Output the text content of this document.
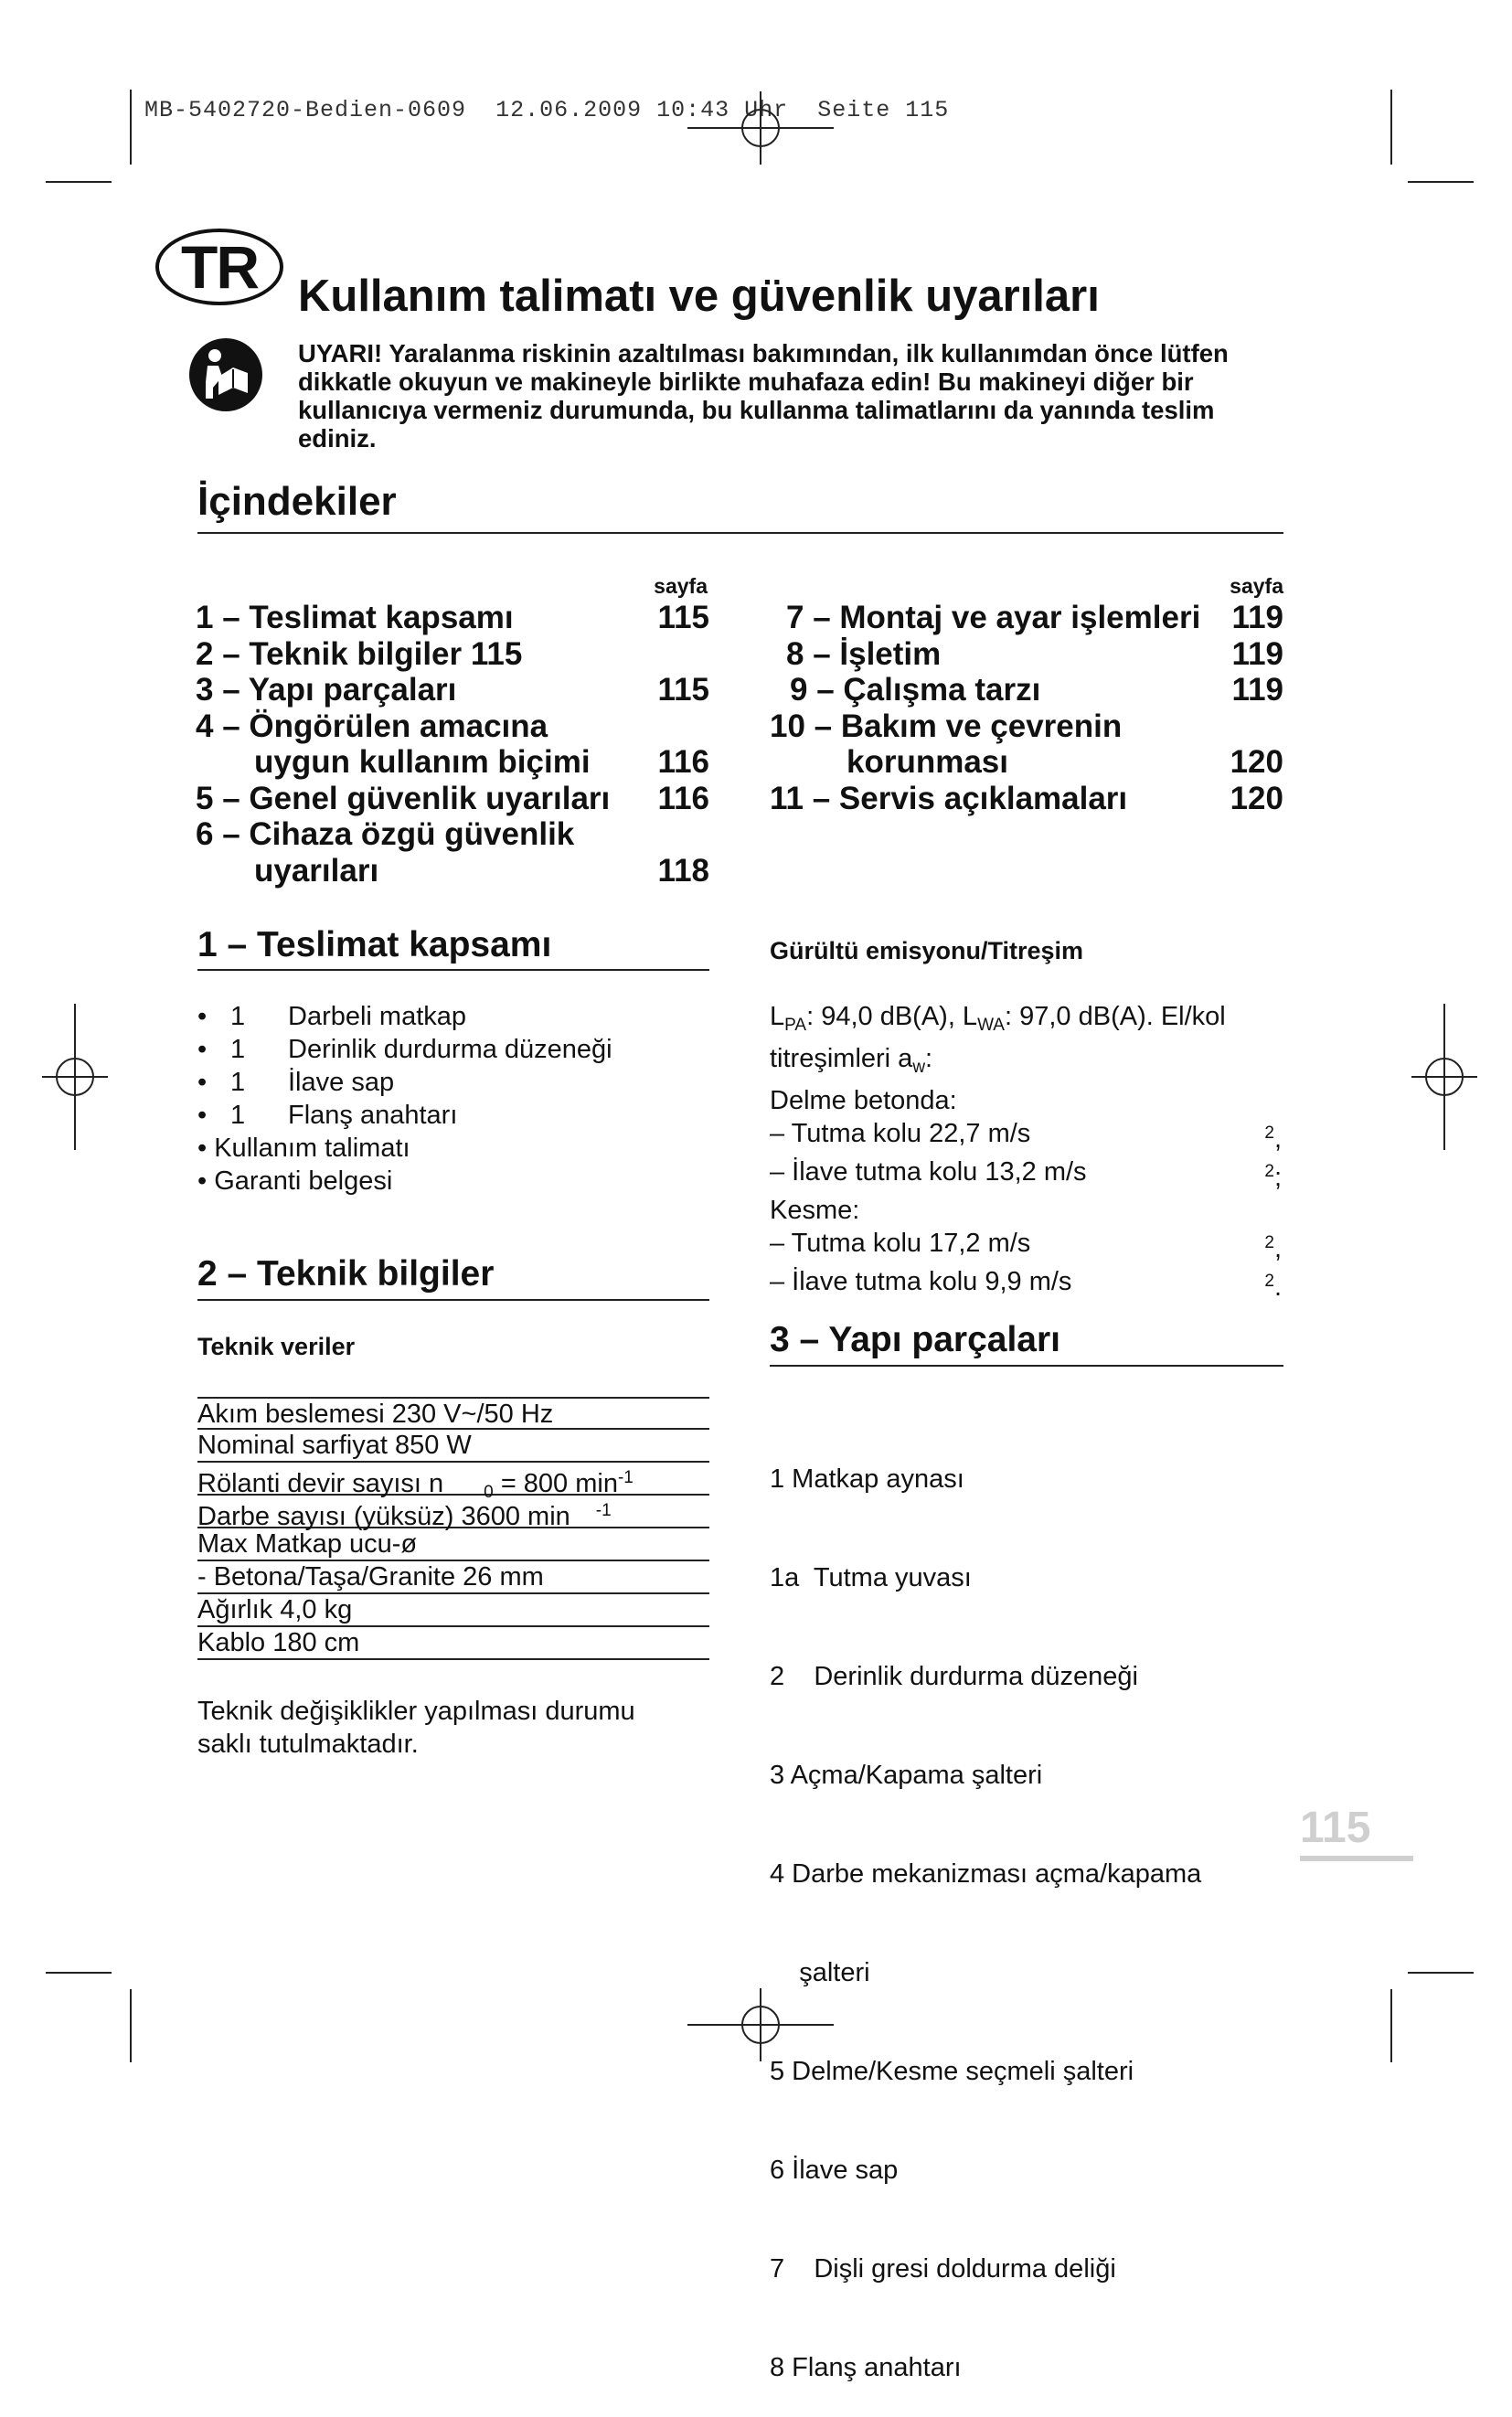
MB-5402720-Bedien-0609 12.06.2009 10:43 Uhr Seite 115
TR Kullanım talimatı ve güvenlik uyarıları
UYARI! Yaralanma riskinin azaltılması bakımından, ilk kullanımdan önce lütfen dikkatle okuyun ve makineyle birlikte muhafaza edin! Bu makineyi diğer bir kullanıcıya vermeniz durumunda, bu kullanma talimatlarını da yanında teslim ediniz.
İçindekiler
sayfa	sayfa
1 – Teslimat kapsamı	115
2 – Teknik bilgiler 115
3 – Yapı parçaları	115
4 – Öngörülen amacına
uygun kullanım biçimi 116
5 – Genel güvenlik uyarıları 116
6 – Cihaza özgü güvenlik
uyarıları	118
7 – Montaj ve ayar işlemleri 119
8 – İşletim	119
9 – Çalışma tarzı	119
10 – Bakım ve çevrenin
korunması	120
11 – Servis açıklamaları	120
1 – Teslimat kapsamı
• 1	Darbeli matkap
• 1	Derinlik durdurma düzeneği
• 1	İlave sap
• 1	Flanş anahtarı
• Kullanım talimatı
• Garanti belgesi
2 – Teknik bilgiler
Teknik veriler
Akım beslemesi 230 V~/50 Hz
Nominal sarfiyat 850 W
Rölanti devir sayısı n $_0$ = 800 $\min^{-1}$
Darbe sayısı (yüksüz) 3600 min $^{-1}$
Max Matkap ucu-ø
- Betona/Taşa/Granite 26 mm
Ağırlık 4,0 kg
Kablo 180 cm
Teknik değişiklikler yapılması durumu saklı tutulmaktadır.
Gürültü emisyonu/Titreşim
$L_{PA}$: 94,0 dB(A), $L_{WA}$: 97,0 dB(A). El/kol
titreşimleri $a_w$:
Delme betonda:
– Tutma kolu 22,7 m/s	$^2$,
– İlave tutma kolu 13,2 m/s	$^2$;
Kesme:
– Tutma kolu 17,2 m/s	$^2$,
– İlave tutma kolu 9,9 m/s	$^2$.
3 – Yapı parçaları

1 Matkap aynası

1a  Tutma yuvası

2    Derinlik durdurma düzeneği

3 Açma/Kapama şalteri

4 Darbe mekanizması açma/kapama

şalteri

5 Delme/Kesme seçmeli şalteri

6 İlave sap

7    Dişli gresi doldurma deliği

8 Flanş anahtarı

115
